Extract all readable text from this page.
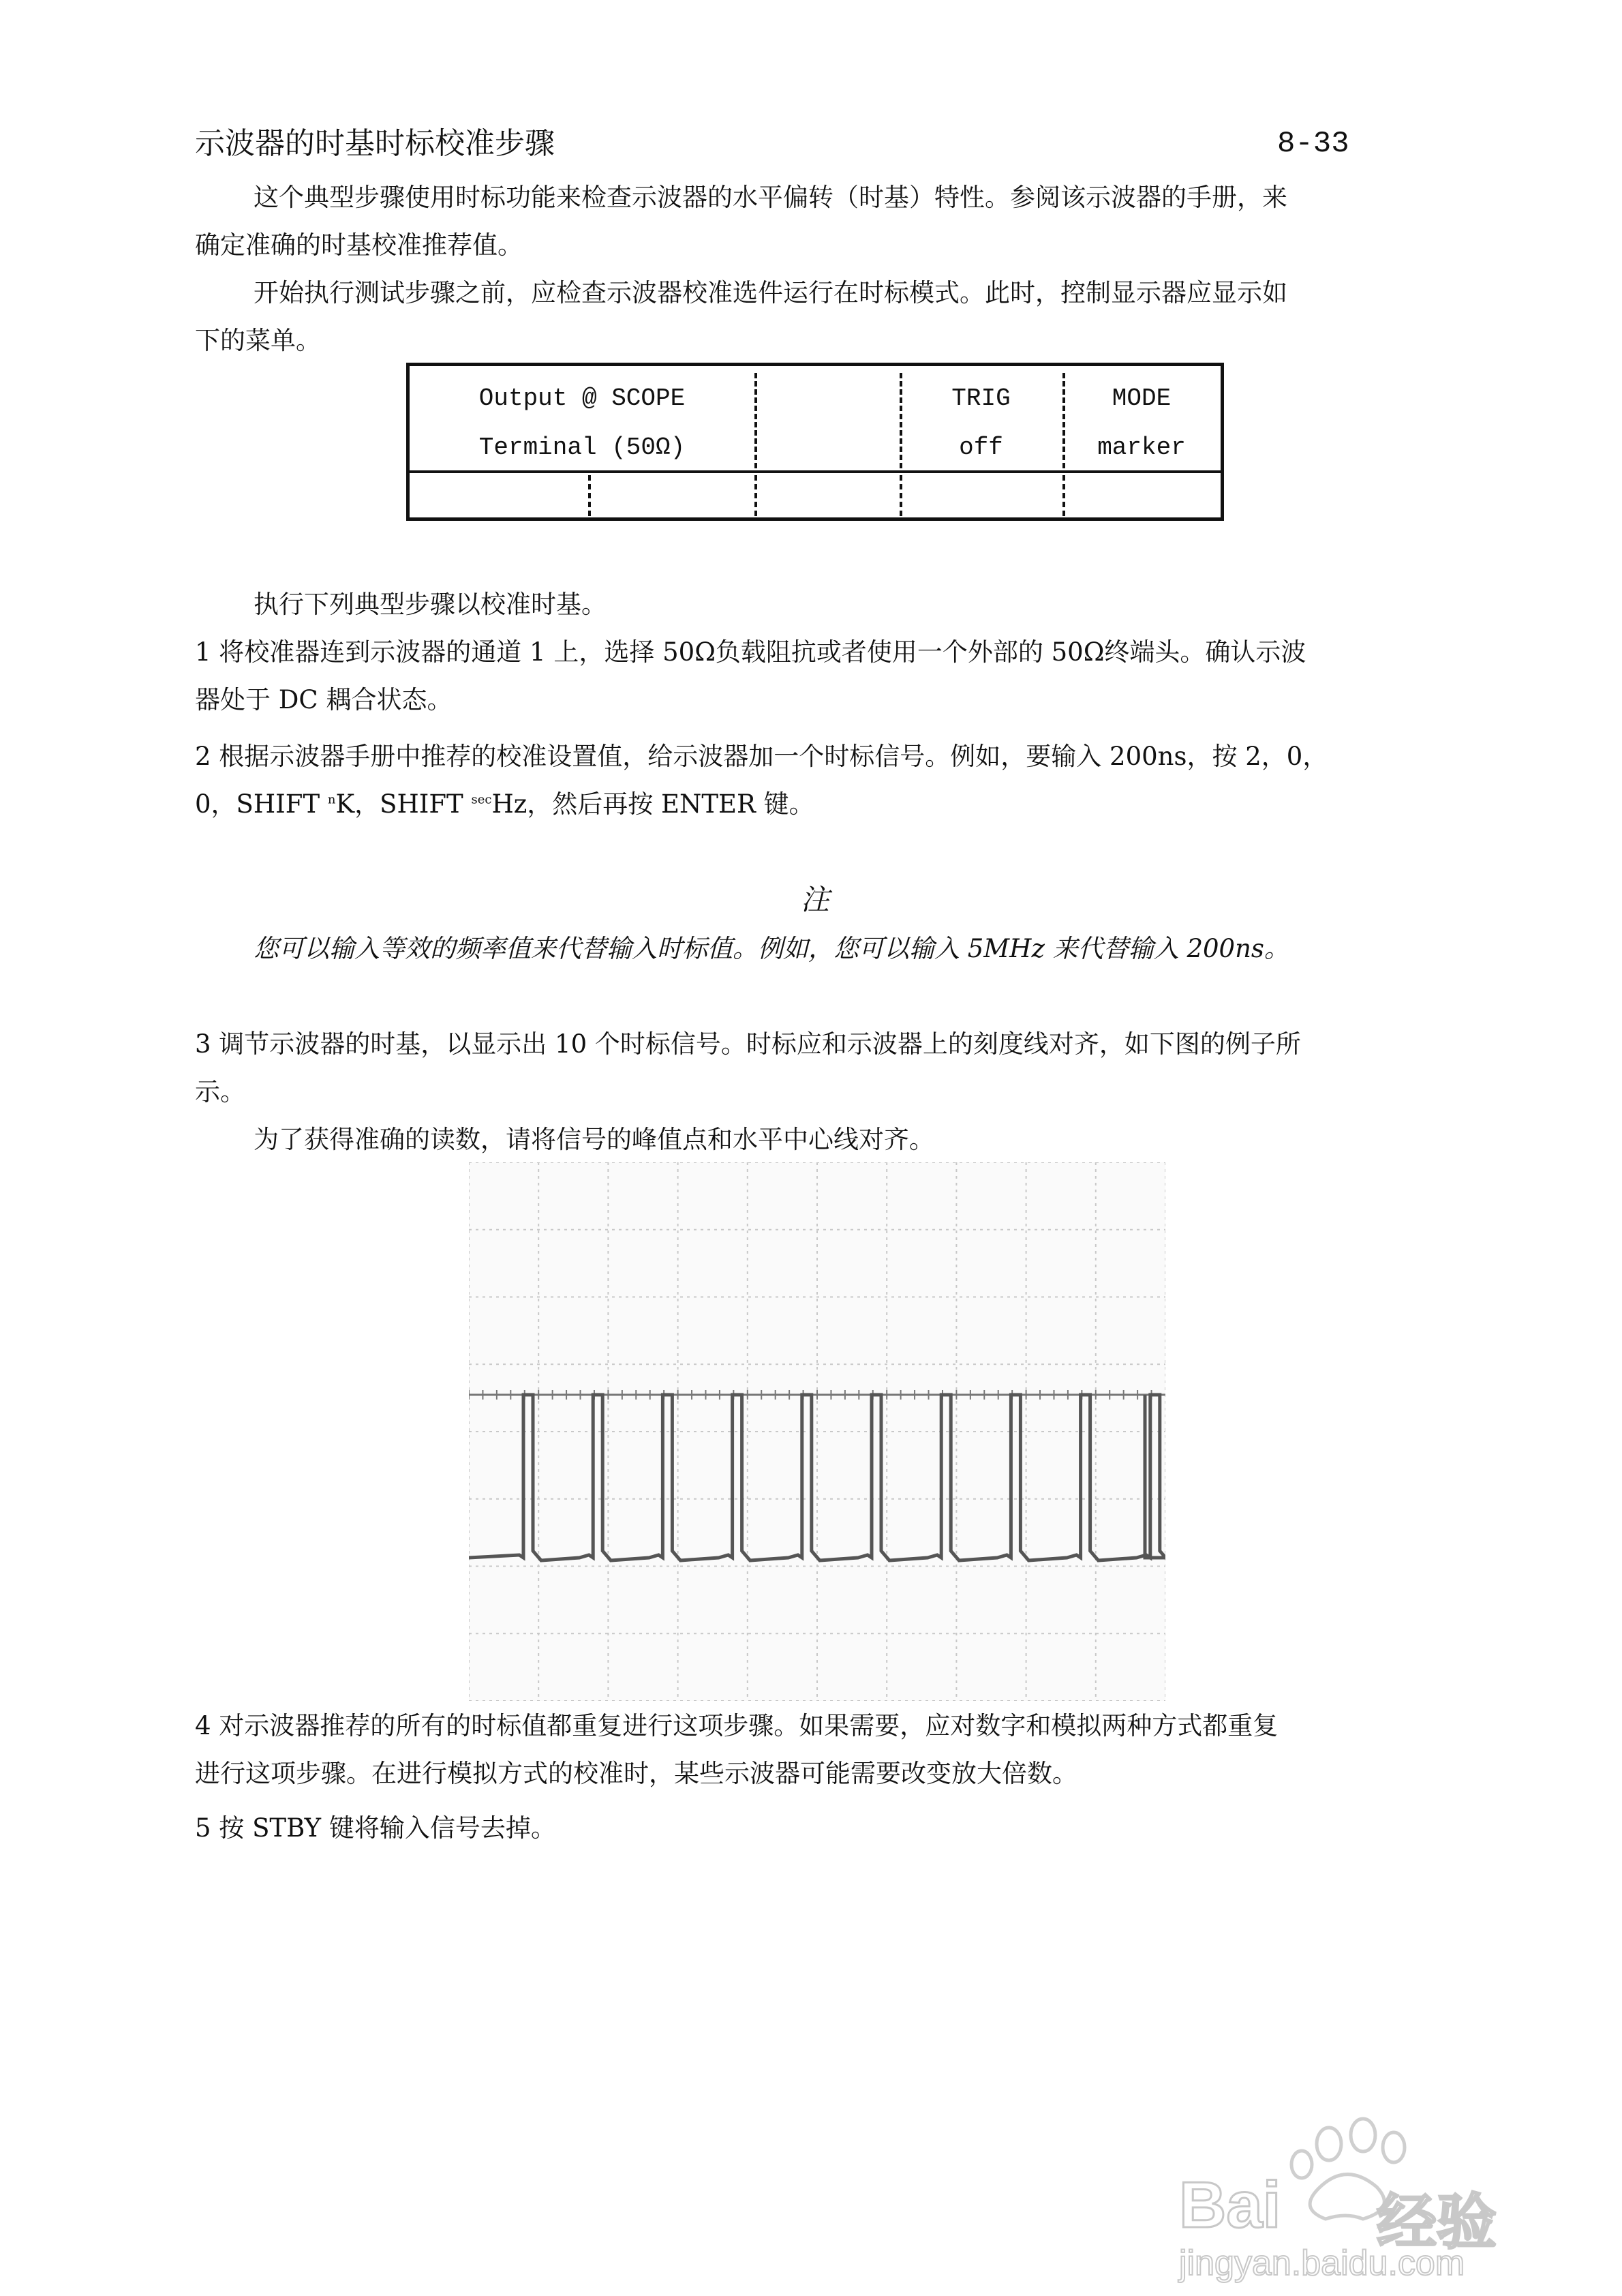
示波器的时基时标校准步骤	8-33
这个典型步骤使用时标功能来检查示波器的水平偏转（时基）特性。参阅该示波器的手册，来
确定准确的时基校准推荐值。
开始执行测试步骤之前，应检查示波器校准选件运行在时标模式。此时，控制显示器应显示如
下的菜单。
Output @ SCOPE
Terminal (50Ω)
TRIG
off
MODE
marker
执行下列典型步骤以校准时基。
1 将校准器连到示波器的通道 1 上，选择 50Ω负载阻抗或者使用一个外部的 50Ω终端头。确认示波
器处于 DC 耦合状态。
2 根据示波器手册中推荐的校准设置值，给示波器加一个时标信号。例如，要输入 200ns，按 2，0，
0，SHIFT $^n$K，SHIFT $^{sec}$Hz，然后再按 ENTER 键。
注
您可以输入等效的频率值来代替输入时标值。例如，您可以输入 5MHz 来代替输入 200ns。
3 调节示波器的时基，以显示出 10 个时标信号。时标应和示波器上的刻度线对齐，如下图的例子所
示。
为了获得准确的读数，请将信号的峰值点和水平中心线对齐。
4 对示波器推荐的所有的时标值都重复进行这项步骤。如果需要，应对数字和模拟两种方式都重复
进行这项步骤。在进行模拟方式的校准时，某些示波器可能需要改变放大倍数。
5 按 STBY 键将输入信号去掉。
Bai 经验
jingyan.baidu.com
